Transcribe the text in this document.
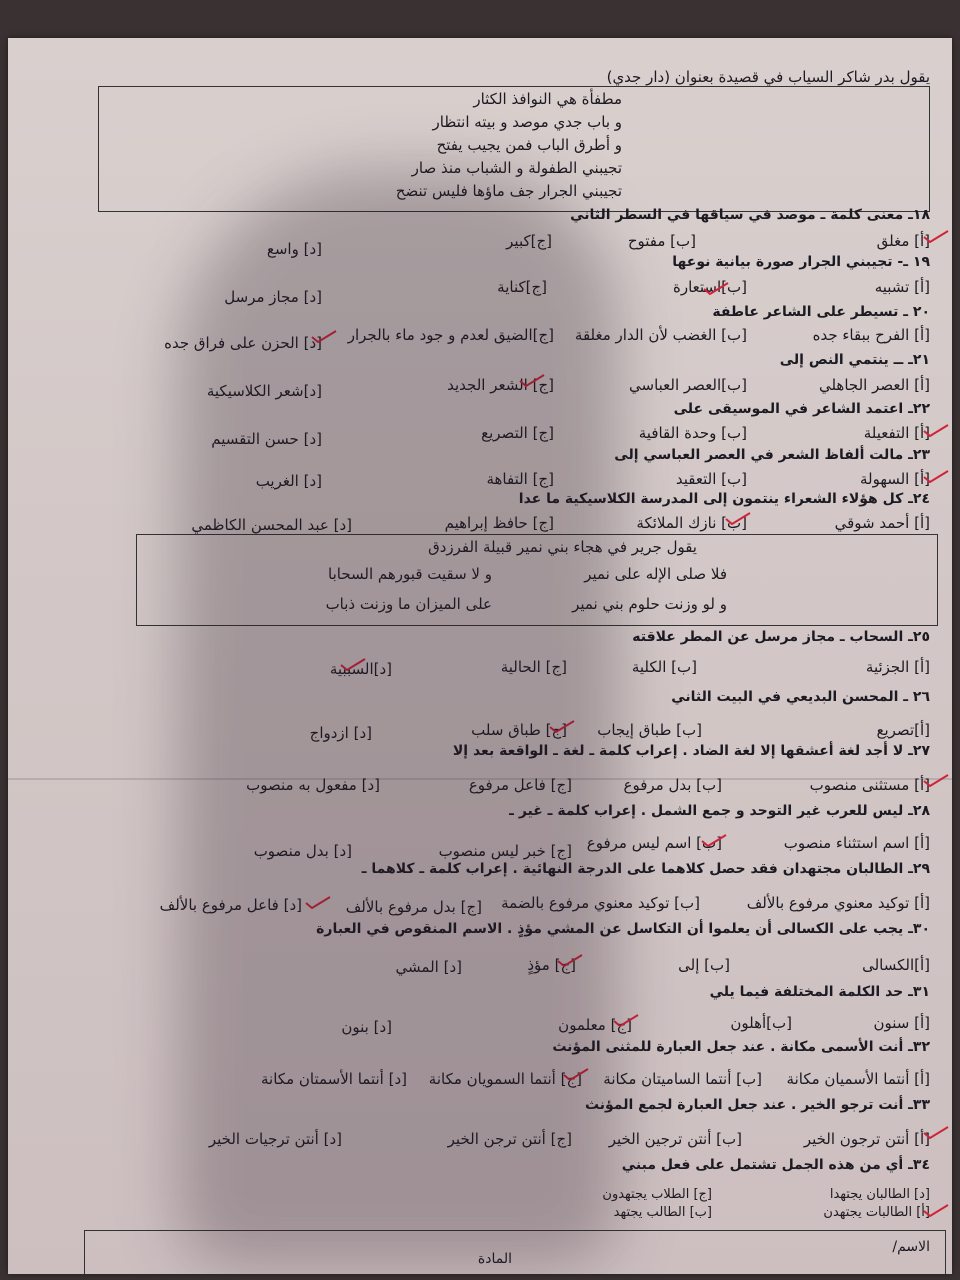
يقول بدر شاكر السياب في قصيدة بعنوان (دار جدي)
مطفأة هي النوافذ الكثار
و باب جدي موصد و بيته انتظار
و أطرق الباب فمن يجيب يفتح
تجيبني الطفولة و الشباب منذ صار
تجيبني الجرار جف ماؤها فليس تنضح
١٨ـ معنى كلمة ـ موصد في سياقها في السطر الثاني
[أ] مغلق
[ب] مفتوح
[ج]كبير
[د] واسع
١٩ ـ- تجيبني الجرار صورة بيانية نوعها
[أ] تشبيه
[ب]استعارة
[ج]كناية
[د] مجاز مرسل
٢٠ ـ تسيطر على الشاعر عاطفة
[أ] الفرح ببقاء جده
[ب] الغضب لأن الدار مغلقة
[ج]الضيق لعدم و جود ماء بالجرار
[د] الحزن على فراق جده
٢١ـ ــ ينتمي النص إلى
[أ] العصر الجاهلي
[ب]العصر العباسي
[ج] الشعر الجديد
[د]شعر الكلاسيكية
٢٢ـ اعتمد الشاعر في الموسيقى على
[أ] التفعيلة
[ب] وحدة القافية
[ج] التصريع
[د] حسن التقسيم
٢٣ـ مالت ألفاظ الشعر في العصر العباسي إلى
[أ] السهولة
[ب] التعقيد
[ج] التفاهة
[د] الغريب
٢٤ـ كل هؤلاء الشعراء ينتمون إلى المدرسة الكلاسيكية ما عدا
[أ] أحمد شوقي
[ب] نازك الملائكة
[ج] حافظ إبراهيم
[د] عبد المحسن الكاظمي
يقول جرير في هجاء بني نمير قبيلة الفرزدق
فلا صلى الإله على نمير
و لا سقيت قبورهم السحابا
و لو وزنت حلوم بني نمير
على الميزان ما وزنت ذباب
٢٥ـ السحاب ـ مجاز مرسل عن المطر علاقته
[أ] الجزئية
[ب] الكلية
[ج] الحالية
[د]السببية
٢٦ ـ المحسن البديعي في البيت الثاني
[أ]تصريع
[ب] طباق إيجاب
[ج] طباق سلب
[د] ازدواج
٢٧ـ لا أجد لغة أعشقها إلا لغة الضاد . إعراب كلمة ـ لغة ـ الواقعة بعد إلا
[أ] مستثنى منصوب
[ب] بدل مرفوع
[ج] فاعل مرفوع
[د] مفعول به منصوب
٢٨ـ ليس للعرب غير التوحد و جمع الشمل . إعراب كلمة ـ غير ـ
[أ] اسم استثناء منصوب
[ب] اسم ليس مرفوع
[ج] خبر ليس منصوب
[د] بدل منصوب
٢٩ـ الطالبان مجتهدان فقد حصل كلاهما على الدرجة النهائية . إعراب كلمة ـ كلاهما ـ
[أ] توكيد معنوي مرفوع بالألف
[ب] توكيد معنوي مرفوع بالضمة
[ج] بدل مرفوع بالألف
[د] فاعل مرفوع بالألف
٣٠ـ يجب على الكسالى أن يعلموا أن التكاسل عن المشي مؤذٍ . الاسم المنقوص في العبارة
[أ]الكسالى
[ب] إلى
[ج] مؤذٍ
[د] المشي
٣١ـ حد الكلمة المختلفة فيما يلي
[أ] سنون
[ب]أهلون
[ج] معلمون
[د] بنون
٣٢ـ أنت الأسمى مكانة . عند جعل العبارة للمثنى المؤنث
[أ] أنتما الأسميان مكانة
[ب] أنتما الساميتان مكانة
[ج] أنتما السمويان مكانة
[د] أنتما الأسمتان مكانة
٣٣ـ أنت ترجو الخير . عند جعل العبارة لجمع المؤنث
[أ] أنتن ترجون الخير
[ب] أنتن ترجين الخير
[ج] أنتن ترجن الخير
[د] أنتن ترجيات الخير
٣٤ـ أي من هذه الجمل تشتمل على فعل مبني
[أ] الطالبات يجتهدن
[ب] الطالب يجتهد
[ج] الطلاب يجتهدون	[د] الطالبان يجتهدا
الاسم/
المادة
